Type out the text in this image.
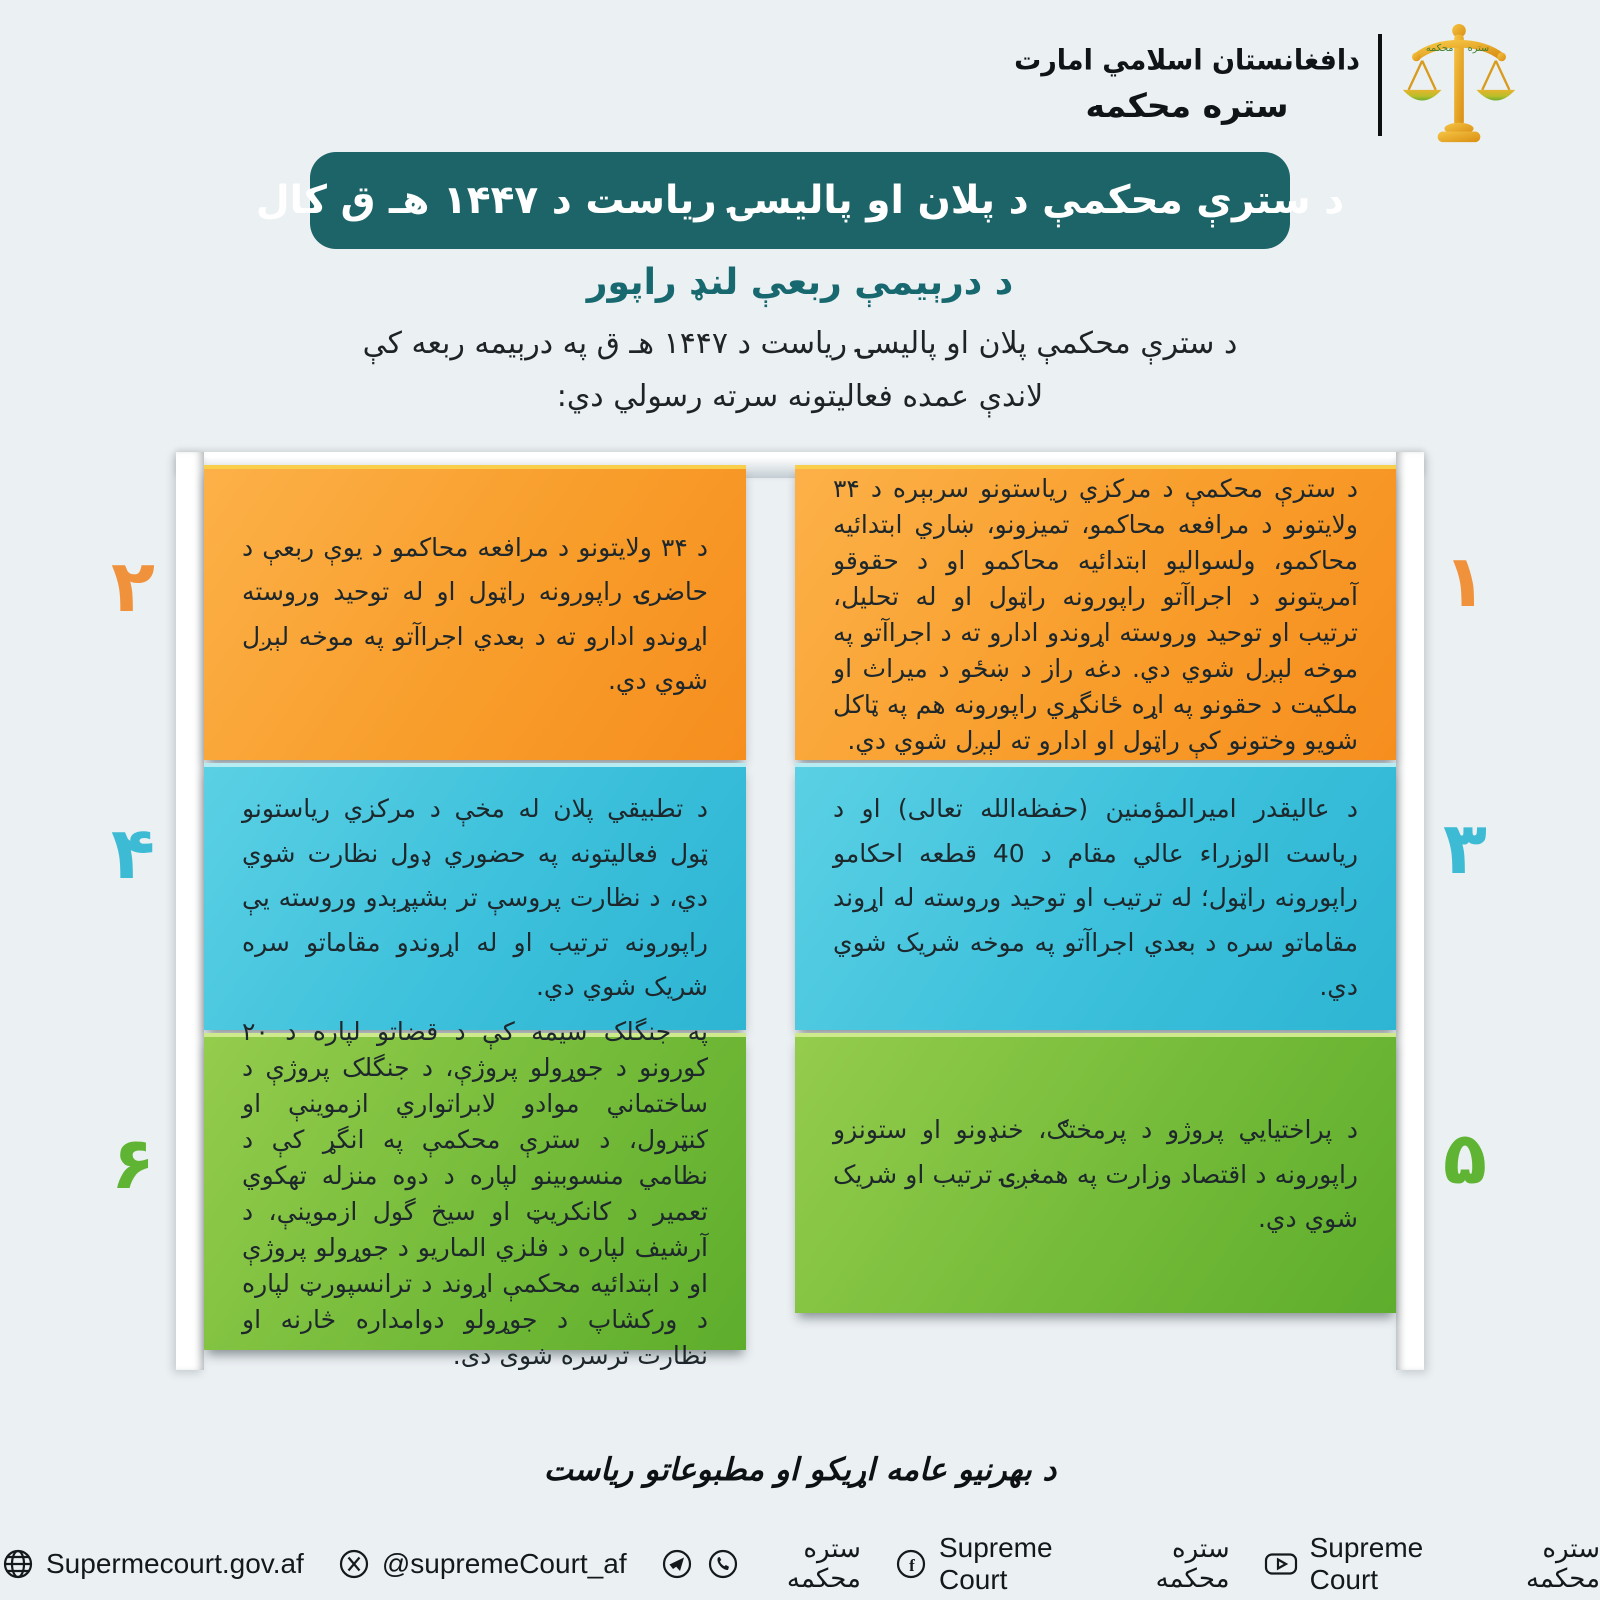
دافغانستان اسلامي امارت
ستره محکمه
ستره
محکمه
د سترې محکمې د پلان او پالیسۍ ریاست د ۱۴۴۷ هـ ق کال
د درېیمې ربعې لنډ راپور
د سترې محکمې پلان او پالیسۍ ریاست د ۱۴۴۷ هـ ق په درېیمه ربعه کې لاندې عمده فعالیتونه سرته رسولي دي:
د سترې محکمې د مرکزي ریاستونو سربېره د ۳۴ ولایتونو د مرافعه محاکمو، تمیزونو، ښاري ابتدائیه محاکمو، ولسوالیو ابتدائیه محاکمو او د حقوقو آمریتونو د اجراآتو راپورونه راټول او له تحلیل، ترتیب او توحید وروسته اړوندو ادارو ته د اجراآتو په موخه لېږل شوي دي. دغه راز د ښځو د میراث او ملکیت د حقونو په اړه ځانگړي راپورونه هم په ټاکل شویو وختونو کې راټول او ادارو ته لېږل شوي دي.
د ۳۴ ولایتونو د مرافعه محاکمو د یوې ربعې د حاضرۍ راپورونه راټول او له توحید وروسته اړوندو ادارو ته د بعدي اجراآتو په موخه لېږل شوي دي.
د عالیقدر امیرالمؤمنین (حفظه‌الله تعالی) او د ریاست الوزراء عالي مقام د 40 قطعه احکامو راپورونه راټول؛ له ترتیب او توحید وروسته له اړوند مقاماتو سره د بعدي اجراآتو په موخه شریک شوي دي.
د تطبیقي پلان له مخې د مرکزي ریاستونو ټول فعالیتونه په حضوري ډول نظارت شوي دي، د نظارت پروسې تر بشپړېدو وروسته یې راپورونه ترتیب او له اړوندو مقاماتو سره شریک شوي دي.
د پراختیایي پروژو د پرمختګ، خنډونو او ستونزو راپورونه د اقتصاد وزارت په همغږۍ ترتیب او شریک شوي دي.
په جنگلک سیمه کې د قضاتو لپاره د ۲۰ کورونو د جوړولو پروژې، د جنگلک پروژې د ساختماني موادو لابراتواري ازموینې او کنټرول، د سترې محکمې په انگړ کې د نظامي منسوبینو لپاره د دوه منزله تهکوي تعمیر د کانکریټ او سیخ گول ازموینې، د آرشیف لپاره د فلزي الماریو د جوړولو پروژې او د ابتدائیه محکمې اړوند د ترانسپورټ لپاره د ورکشاپ د جوړولو دوامداره څارنه او نظارت ترسره شوی دی.
۱
۲
۳
۴
۵
۶
د بهرنیو عامه اړیکو او مطبوعاتو ریاست
Supermecourt.gov.af	@supremeCourt_af	ستره محکمه	f
Supreme Court
ستره محکمه
Supreme Court
ستره محکمه
